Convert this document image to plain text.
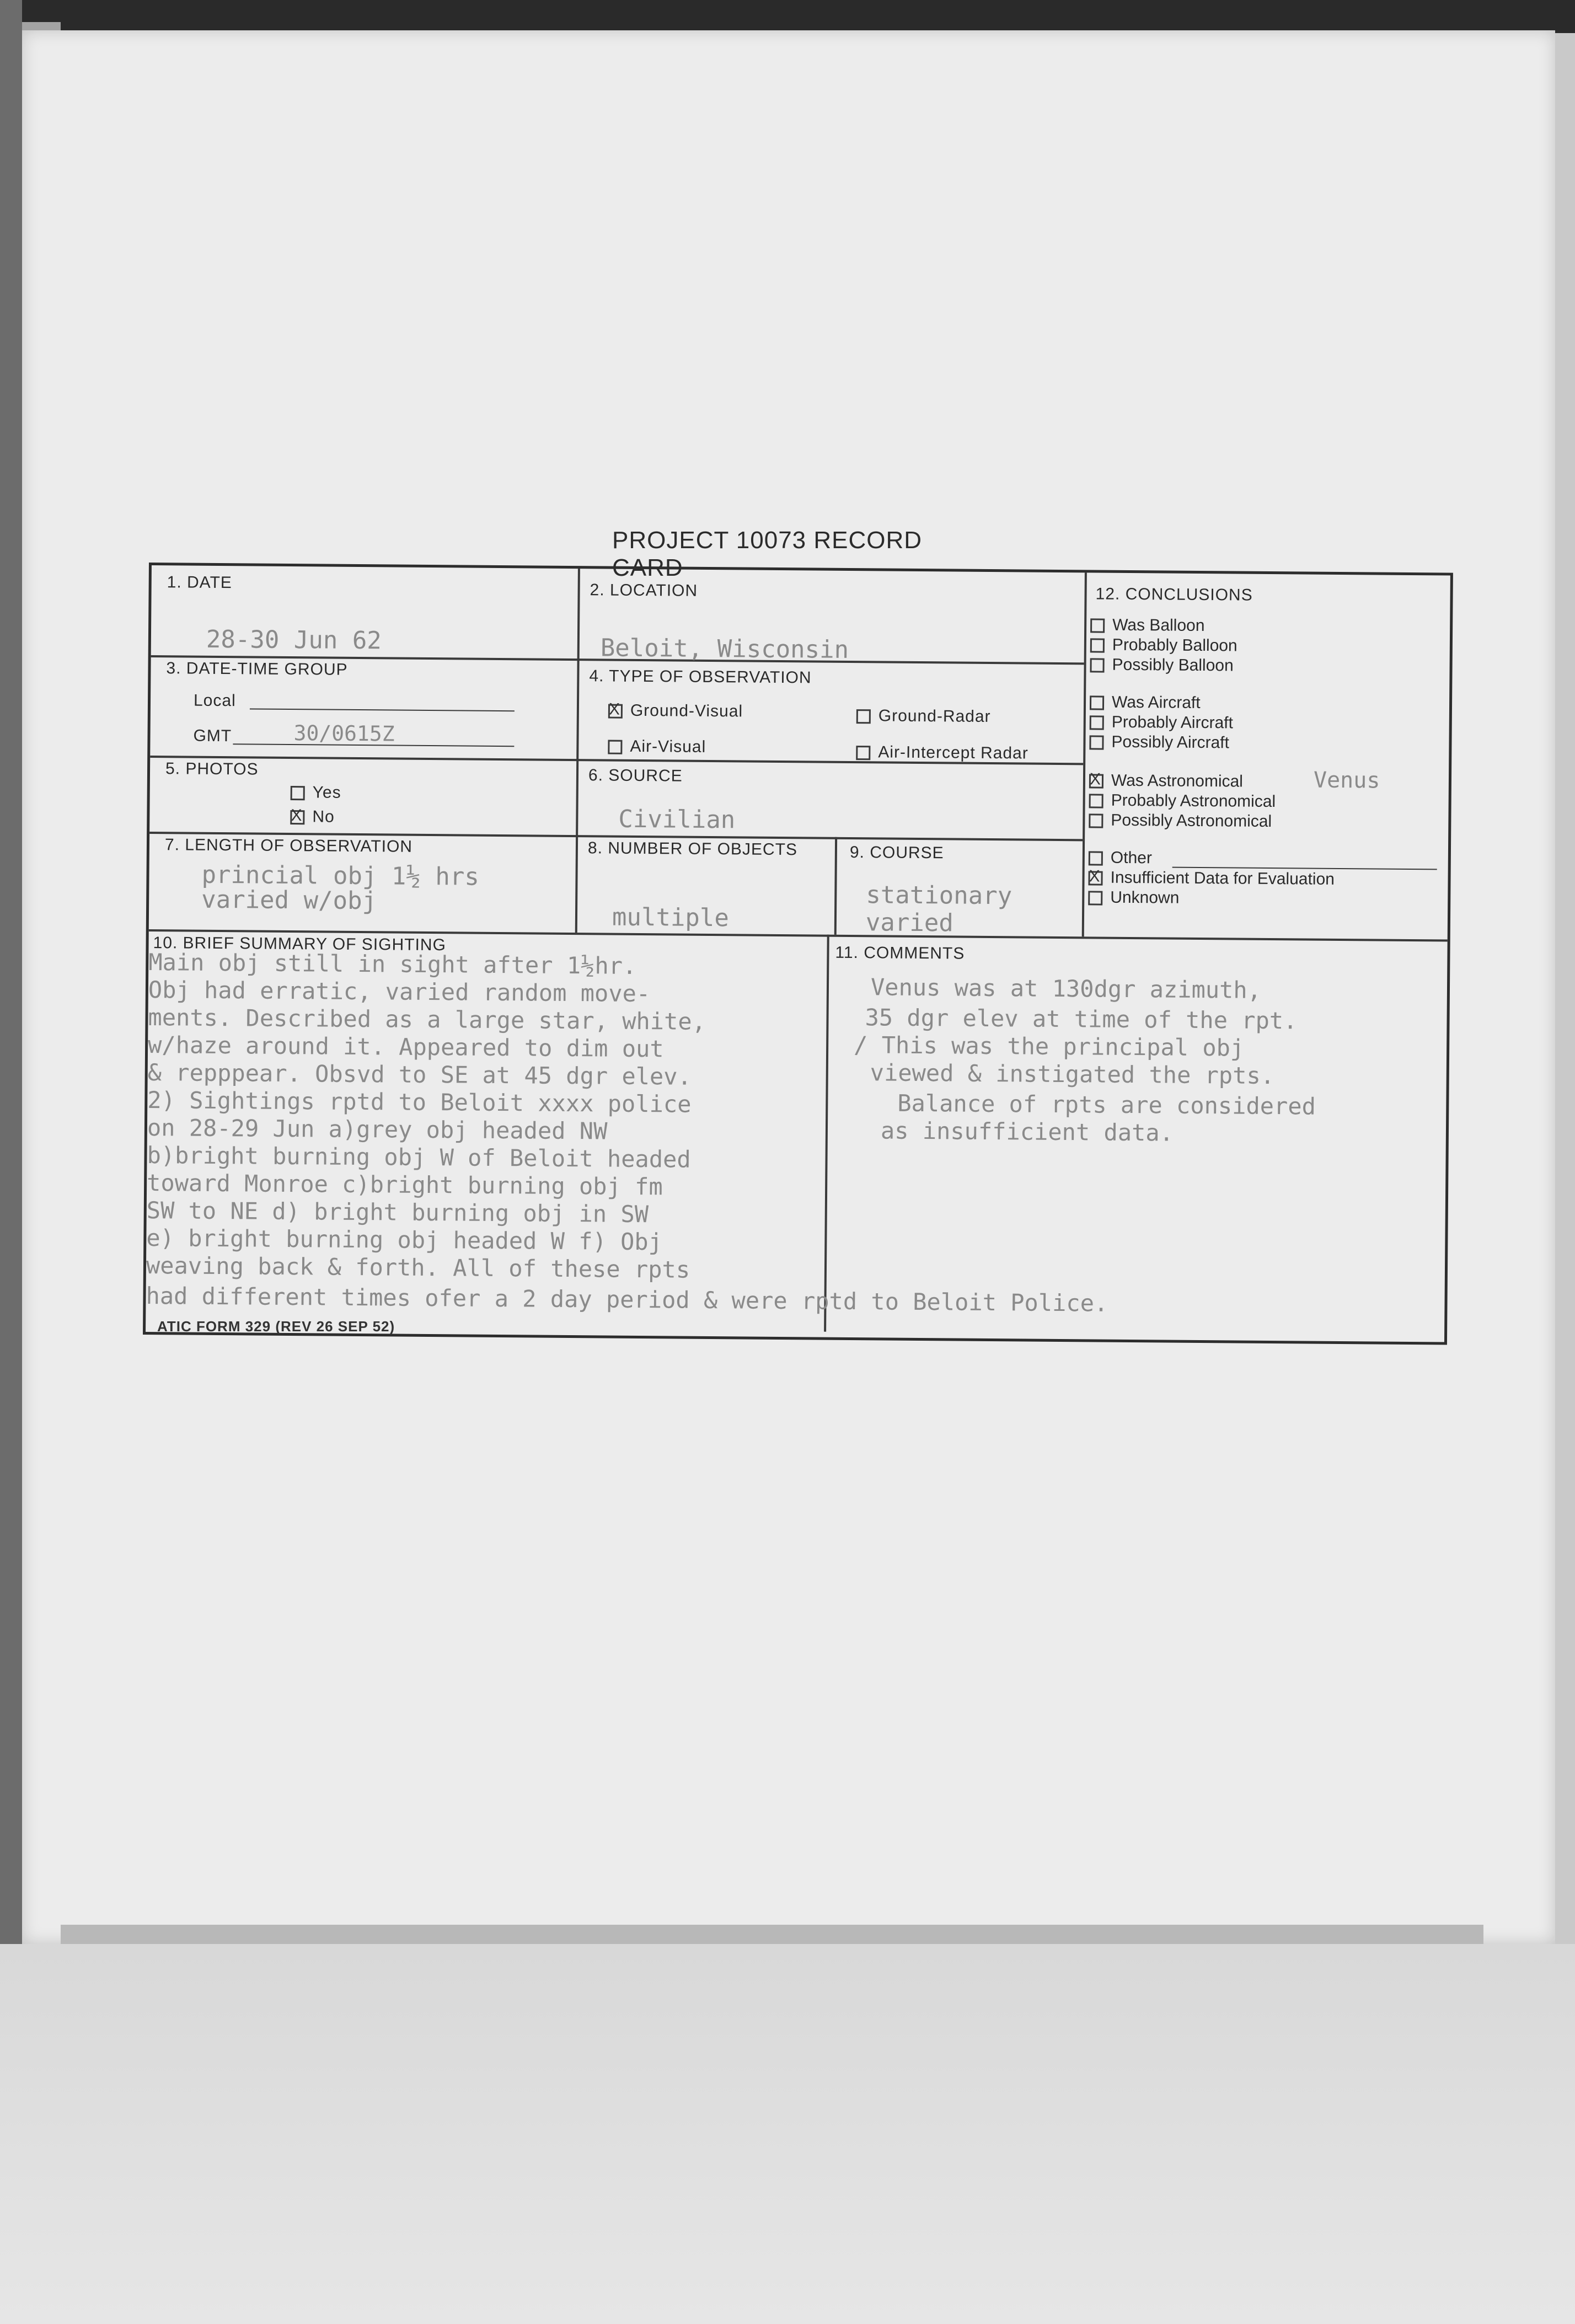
PROJECT 10073 RECORD CARD
1. DATE
28-30 Jun 62
2. LOCATION
Beloit, Wisconsin
3. DATE-TIME GROUP
Local
GMT	30/0615Z
4. TYPE OF OBSERVATION
XGround-Visual	Ground-Radar
Air-Visual	Air-Intercept Radar
5. PHOTOS
Yes
XNo
6. SOURCE
Civilian
7. LENGTH OF OBSERVATION
princial obj 1½ hrs
varied w/obj
8. NUMBER OF OBJECTS
multiple
9. COURSE
stationary
varied
12. CONCLUSIONS
Was Balloon
Probably Balloon
Possibly Balloon
Was Aircraft
Probably Aircraft
Possibly Aircraft
XWas Astronomical	Venus
Probably Astronomical
Possibly Astronomical
Other
XInsufficient Data for Evaluation
Unknown
10. BRIEF SUMMARY OF SIGHTING
Main obj still in sight after 1½hr.
Obj had erratic, varied random move-
ments. Described as a large star, white,
w/haze around it. Appeared to dim out
& repppear. Obsvd to SE at 45 dgr elev.
2) Sightings rptd to Beloit xxxx police
on 28-29 Jun a)grey obj headed NW
b)bright burning obj W of Beloit headed
toward Monroe c)bright burning obj fm
SW to NE d) bright burning obj in SW
e) bright burning obj headed W f) Obj
weaving back & forth. All of these rpts
had different times ofer a 2 day period & were rptd to Beloit Police.
11. COMMENTS
Venus was at 130dgr azimuth,
35 dgr elev at time of the rpt.
/ This was the principal obj
viewed & instigated the rpts.
Balance of rpts are considered
as insufficient data.
ATIC FORM 329 (REV 26 SEP 52)
